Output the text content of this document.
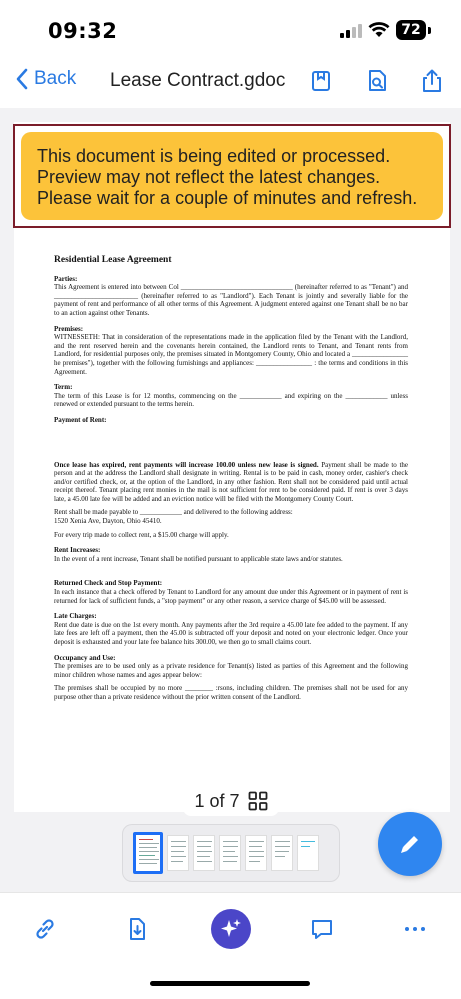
09:32	72
Back Lease Contract.gdoc
This document is being edited or processed.
Preview may not reflect the latest changes.
Please wait for a couple of minutes and refresh.
Residential Lease Agreement
Parties:

This Agreement is entered into between Col ________________________________ (hereinafter referred to as "Tenant") and ________________________ (hereinafter referred to as "Landlord"). Each Tenant is jointly and severally liable for the payment of rent and performance of all other terms of this Agreement. A judgment entered against one Tenant shall be no bar to an action against other Tenants.

Premises:

WITNESSETH: That in consideration of the representations made in the application filed by the Tenant with the Landlord, and the rent reserved herein and the covenants herein contained, the Landlord rents to Tenant, and Tenant rents from Landlord, for residential purposes only, the premises situated in Montgomery County, Ohio and located a ________________ he premises"), together with the following furnishings and appliances: ________________ : the terms and conditions in this Agreement.

Term:

The term of this Lease is for 12 months, commencing on the ____________ and expiring on the ____________ unless renewed or extended pursuant to the terms herein.

Payment of Rent:

Once lease has expired, rent payments will increase 100.00 unless new lease is signed. Payment shall be made to the person and at the address the Landlord shall designate in writing. Rental is to be paid in cash, money order, cashier's check and/or certified check, or, at the option of the Landlord, in any other fashion. Rent shall not be considered paid until actual receipt thereof. Tenant placing rent monies in the mail is not sufficient for rent to be considered paid. If rent is over 3 days late, a 45.00 late fee will be added and an eviction notice will be filed with the Montgomery County Court.

Rent shall be made payable to ____________ and delivered to the following address:

1520 Xenia Ave, Dayton, Ohio 45410.

For every trip made to collect rent, a $15.00 charge will apply.

Rent Increases:

In the event of a rent increase, Tenant shall be notified pursuant to applicable state laws and/or statutes.

Returned Check and Stop Payment:

In each instance that a check offered by Tenant to Landlord for any amount due under this Agreement or in payment of rent is returned for lack of sufficient funds, a "stop payment" or any other reason, a service charge of $45.00 will be assessed.

Late Charges:

Rent due date is due on the 1st every month. Any payments after the 3rd require a 45.00 late fee added to the payment. If any late fees are left off a payment, then the 45.00 is subtracted off your deposit and noted on your electronic ledger. Once your deposit is exhausted and your late fee balance hits 300.00, we then go to small claims court.

Occupancy and Use:

The premises are to be used only as a private residence for Tenant(s) listed as parties of this Agreement and the following minor children whose names and ages appear below:

The premises shall be occupied by no more ________ :rsons, including children. The premises shall not be used for any purpose other than a private residence without the prior written consent of the Landlord.

1 of 7
